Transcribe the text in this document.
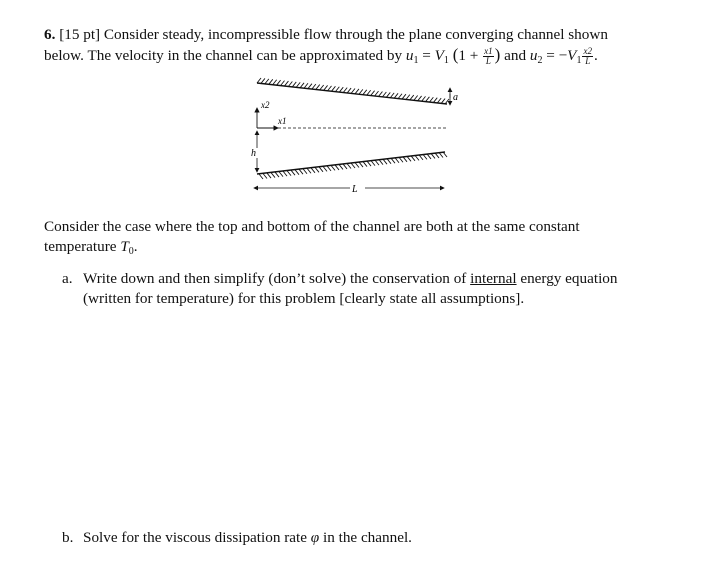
6. [15 pt] Consider steady, incompressible flow through the plane converging channel shown
below. The velocity in the channel can be approximated by $u_1 = V_1$ ($1 + \frac{x1}{L}$ ) and $u_2 = -V_1 \frac{x2}{L}$ .
x2
x1
h
a
L
Consider the case where the top and bottom of the channel are both at the same constant
temperature $T_0$.
a. Write down and then simplify (don’t solve) the conservation of internal energy equation
(written for temperature) for this problem [clearly state all assumptions].
b. Solve for the viscous dissipation rate φ in the channel.
